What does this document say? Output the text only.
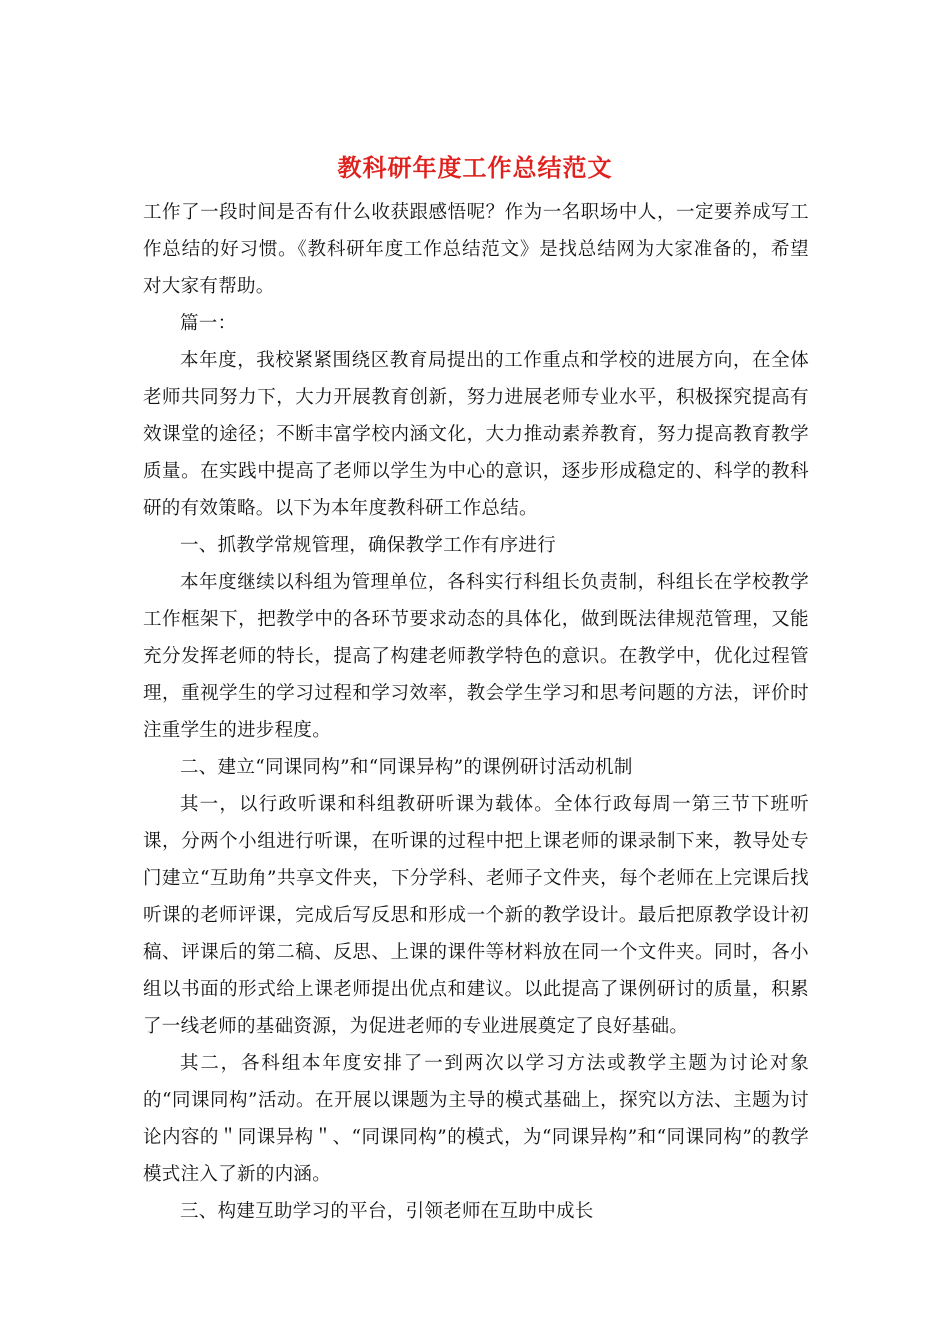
教科研年度工作总结范文

工作了一段时间是否有什么收获跟感悟呢？作为一名职场中人，一定要养成写工作总结的好习惯。《教科研年度工作总结范文》是找总结网为大家准备的，希望对大家有帮助。

篇一：

本年度，我校紧紧围绕区教育局提出的工作重点和学校的进展方向，在全体老师共同努力下，大力开展教育创新，努力进展老师专业水平，积极探究提高有效课堂的途径；不断丰富学校内涵文化，大力推动素养教育，努力提高教育教学质量。在实践中提高了老师以学生为中心的意识，逐步形成稳定的、科学的教科研的有效策略。以下为本年度教科研工作总结。

一、抓教学常规管理，确保教学工作有序进行

本年度继续以科组为管理单位，各科实行科组长负责制，科组长在学校教学工作框架下，把教学中的各环节要求动态的具体化，做到既法律规范管理，又能充分发挥老师的特长，提高了构建老师教学特色的意识。在教学中，优化过程管理，重视学生的学习过程和学习效率，教会学生学习和思考问题的方法，评价时注重学生的进步程度。

二、建立“同课同构”和“同课异构”的课例研讨活动机制

其一，以行政听课和科组教研听课为载体。全体行政每周一第三节下班听课，分两个小组进行听课，在听课的过程中把上课老师的课录制下来，教导处专门建立“互助角”共享文件夹，下分学科、老师子文件夹，每个老师在上完课后找听课的老师评课，完成后写反思和形成一个新的教学设计。最后把原教学设计初稿、评课后的第二稿、反思、上课的课件等材料放在同一个文件夹。同时，各小组以书面的形式给上课老师提出优点和建议。以此提高了课例研讨的质量，积累了一线老师的基础资源，为促进老师的专业进展奠定了良好基础。

其二，各科组本年度安排了一到两次以学习方法或教学主题为讨论对象的“同课同构”活动。在开展以课题为主导的模式基础上，探究以方法、主题为讨论内容的＂同课异构＂、“同课同构”的模式，为“同课异构”和“同课同构”的教学模式注入了新的内涵。

三、构建互助学习的平台，引领老师在互助中成长
